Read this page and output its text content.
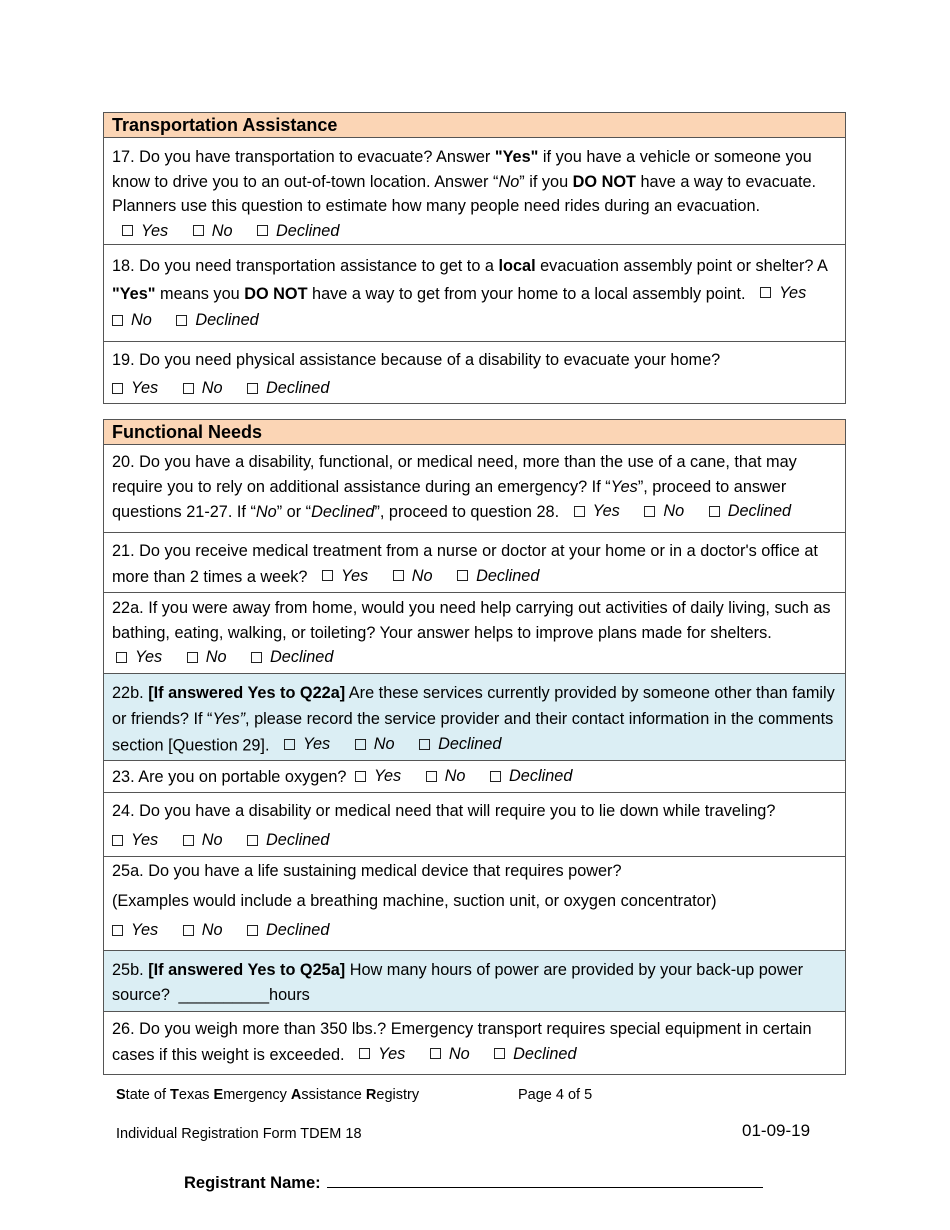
Transportation Assistance
17. Do you have transportation to evacuate? Answer "Yes" if you have a vehicle or someone you know to drive you to an out-of-town location. Answer “No” if you DO NOT have a way to evacuate. Planners use this question to estimate how many people need rides during an evacuation.
Yes
	No
	Declined
18. Do you need transportation assistance to get to a local evacuation assembly point or shelter? A "Yes" means you DO NOT have a way to get from your home to a local assembly point. Yes

No
	Declined
19. Do you need physical assistance because of a disability to evacuate your home?
Yes
	No
	Declined
Functional Needs
20. Do you have a disability, functional, or medical need, more than the use of a cane, that may require you to rely on additional assistance during an emergency? If “Yes”, proceed to answer questions 21-27. If “No” or “Declined”, proceed to question 28. Yes
	No
	Declined
21. Do you receive medical treatment from a nurse or doctor at your home or in a doctor's office at more than 2 times a week? Yes
	No
	Declined
22a. If you were away from home, would you need help carrying out activities of daily living, such as bathing, eating, walking, or toileting? Your answer helps to improve plans made for shelters.
Yes
	No
	Declined
22b. [If answered Yes to Q22a] Are these services currently provided by someone other than family or friends? If “Yes”, please record the service provider and their contact information in the comments section [Question 29]. Yes
	No
	Declined
23. Are you on portable oxygen? Yes
	No
	Declined
24. Do you have a disability or medical need that will require you to lie down while traveling?
Yes
	No
	Declined
25a. Do you have a life sustaining medical device that requires power?
(Examples would include a breathing machine, suction unit, or oxygen concentrator)
Yes
	No
	Declined
25b. [If answered Yes to Q25a] How many hours of power are provided by your back-up power source? __________hours
26. Do you weigh more than 350 lbs.? Emergency transport requires special equipment in certain cases if this weight is exceeded. Yes
	No
	Declined
State of Texas Emergency Assistance Registry	Page 4 of 5
Individual Registration Form TDEM 18	01-09-19
Registrant Name:
